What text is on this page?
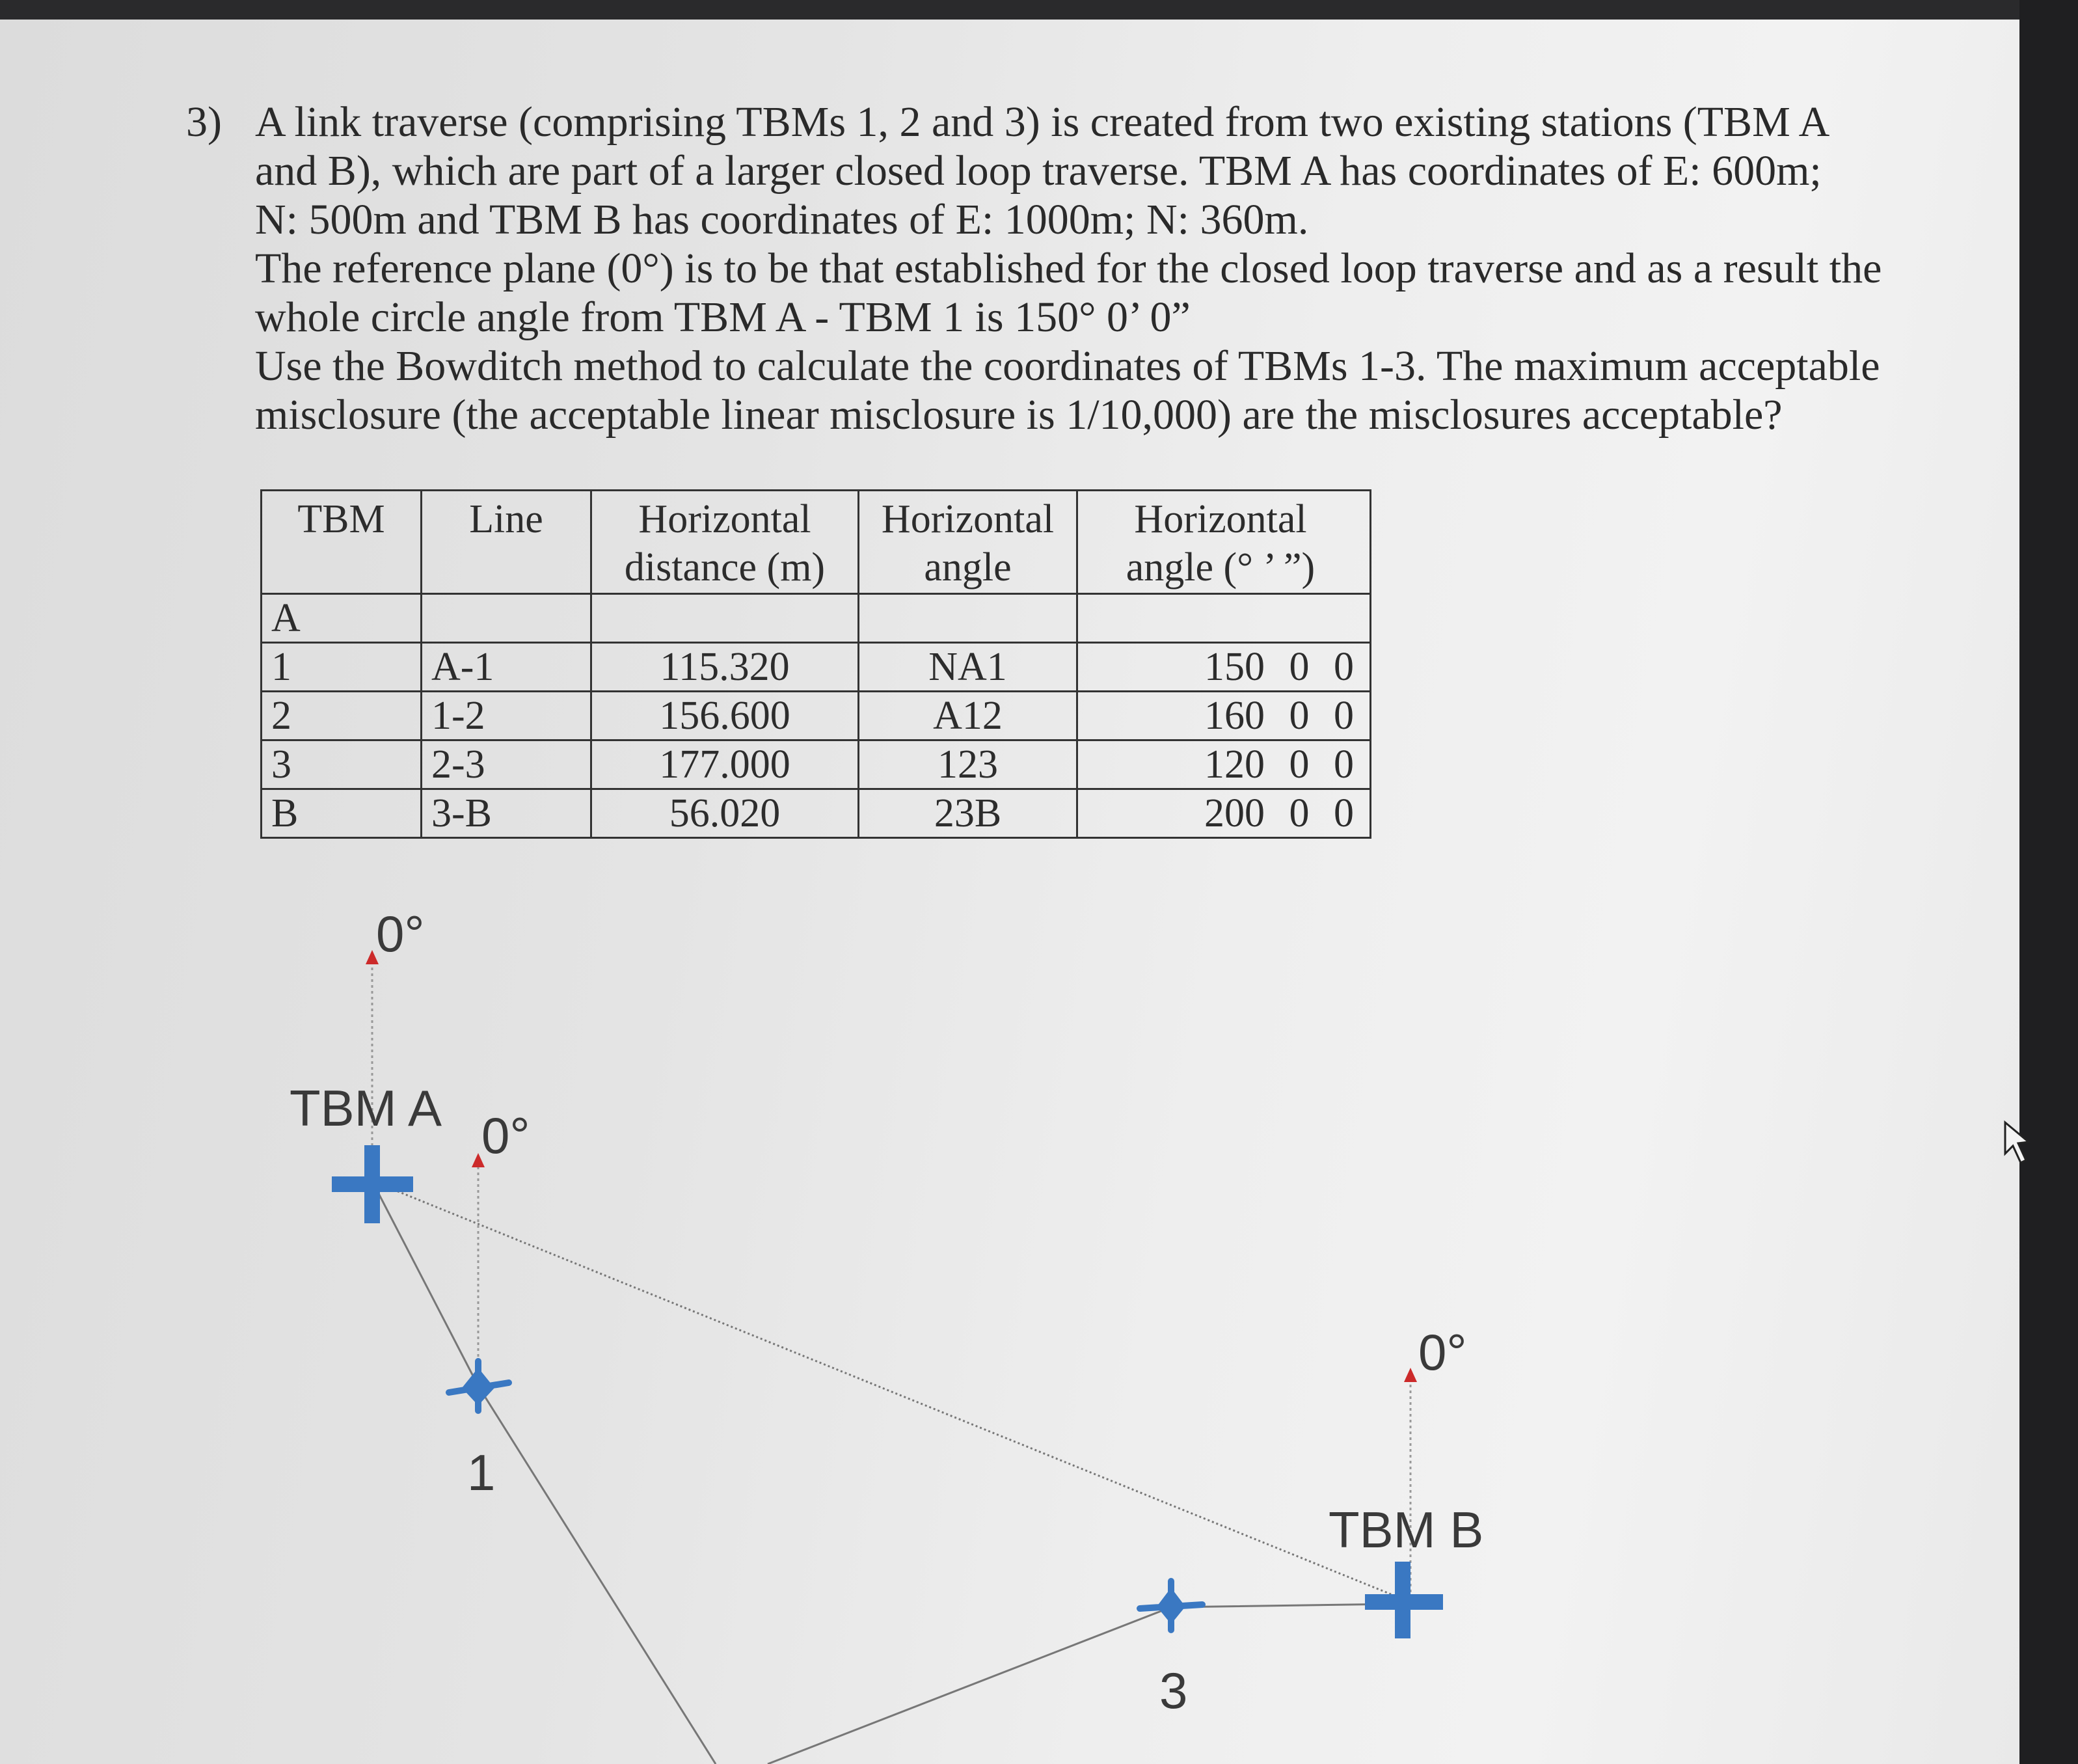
3) A link traverse (comprising TBMs 1, 2 and 3) is created from two existing stations (TBM A
and B), which are part of a larger closed loop traverse. TBM A has coordinates of E: 600m;
N: 500m and TBM B has coordinates of E: 1000m; N: 360m.
The reference plane (0°) is to be that established for the closed loop traverse and as a result the
whole circle angle from TBM A - TBM 1 is 150° 0’ 0”
Use the Bowditch method to calculate the coordinates of TBMs 1-3. The maximum acceptable
misclosure (the acceptable linear misclosure is 1/10,000) are the misclosures acceptable?
TBM	Line	Horizontal distance (m)	Horizontal angle	Horizontal angle (° ’ ”)
A				
1	A-1	115.320	NA1	150 0 0
2	1-2	156.600	A12	160 0 0
3	2-3	177.000	123	120 0 0
B	3-B	56.020	23B	200 0 0
0°
TBM A 0°
1
0°
TBM B
3
